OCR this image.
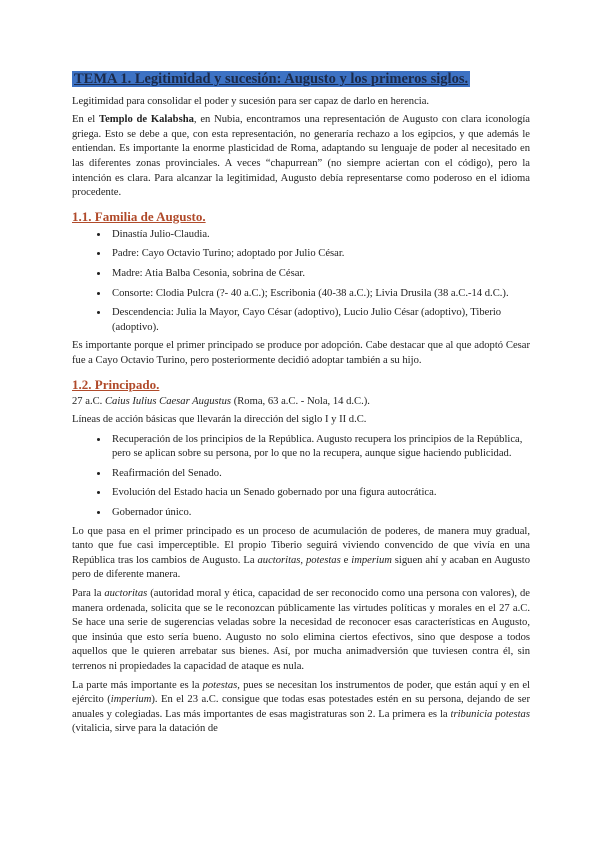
TEMA 1. Legitimidad y sucesión: Augusto y los primeros siglos.

Legitimidad para consolidar el poder y sucesión para ser capaz de darlo en herencia.

En el Templo de Kalabsha, en Nubia, encontramos una representación de Augusto con clara iconología griega. Esto se debe a que, con esta representación, no generaría rechazo a los egipcios, y que además le entiendan. Es importante la enorme plasticidad de Roma, adaptando su lenguaje de poder al necesitado en las diferentes zonas provinciales. A veces “chapurrean” (no siempre aciertan con el código), pero la intención es clara. Para alcanzar la legitimidad, Augusto debía representarse como poderoso en el idioma procedente.

1.1. Familia de Augusto.
• Dinastía Julio-Claudia.
• Padre: Cayo Octavio Turino; adoptado por Julio César.
• Madre: Atia Balba Cesonia, sobrina de César.
• Consorte: Clodia Pulcra (?- 40 a.C.); Escribonia (40-38 a.C.); Livia Drusila (38 a.C.-14 d.C.).
• Descendencia: Julia la Mayor, Cayo César (adoptivo), Lucio Julio César (adoptivo), Tiberio (adoptivo).

Es importante porque el primer principado se produce por adopción. Cabe destacar que al que adoptó Cesar fue a Cayo Octavio Turino, pero posteriormente decidió adoptar también a su hijo.

1.2. Principado.

27 a.C. Caius Iulius Caesar Augustus (Roma, 63 a.C. - Nola, 14 d.C.).

Líneas de acción básicas que llevarán la dirección del siglo I y II d.C.

• Recuperación de los principios de la República. Augusto recupera los principios de la República, pero se aplican sobre su persona, por lo que no la recupera, aunque sigue haciendo publicidad.
• Reafirmación del Senado.
• Evolución del Estado hacia un Senado gobernado por una figura autocrática.
• Gobernador único.

Lo que pasa en el primer principado es un proceso de acumulación de poderes, de manera muy gradual, tanto que fue casi imperceptible. El propio Tiberio seguirá viviendo convencido de que vivía en una República tras los cambios de Augusto. La auctoritas, potestas e imperium siguen ahí y acaban en Augusto pero de diferente manera.

Para la auctoritas (autoridad moral y ética, capacidad de ser reconocido como una persona con valores), de manera ordenada, solicita que se le reconozcan públicamente las virtudes políticas y morales en el 27 a.C. Se hace una serie de sugerencias veladas sobre la necesidad de reconocer esas características en Augusto, que insinúa que esto sería bueno. Augusto no solo elimina ciertos efectivos, sino que despose a todos aquellos que le quieren arrebatar sus bienes. Así, por mucha animadversión que tuviesen contra él, sin terrenos ni propiedades la capacidad de ataque es nula.

La parte más importante es la potestas, pues se necesitan los instrumentos de poder, que están aquí y en el ejército (imperium). En el 23 a.C. consigue que todas esas potestades estén en su persona, dejando de ser anuales y colegiadas. Las más importantes de esas magistraturas son 2. La primera es la tribunicia potestas (vitalicia, sirve para la datación de
